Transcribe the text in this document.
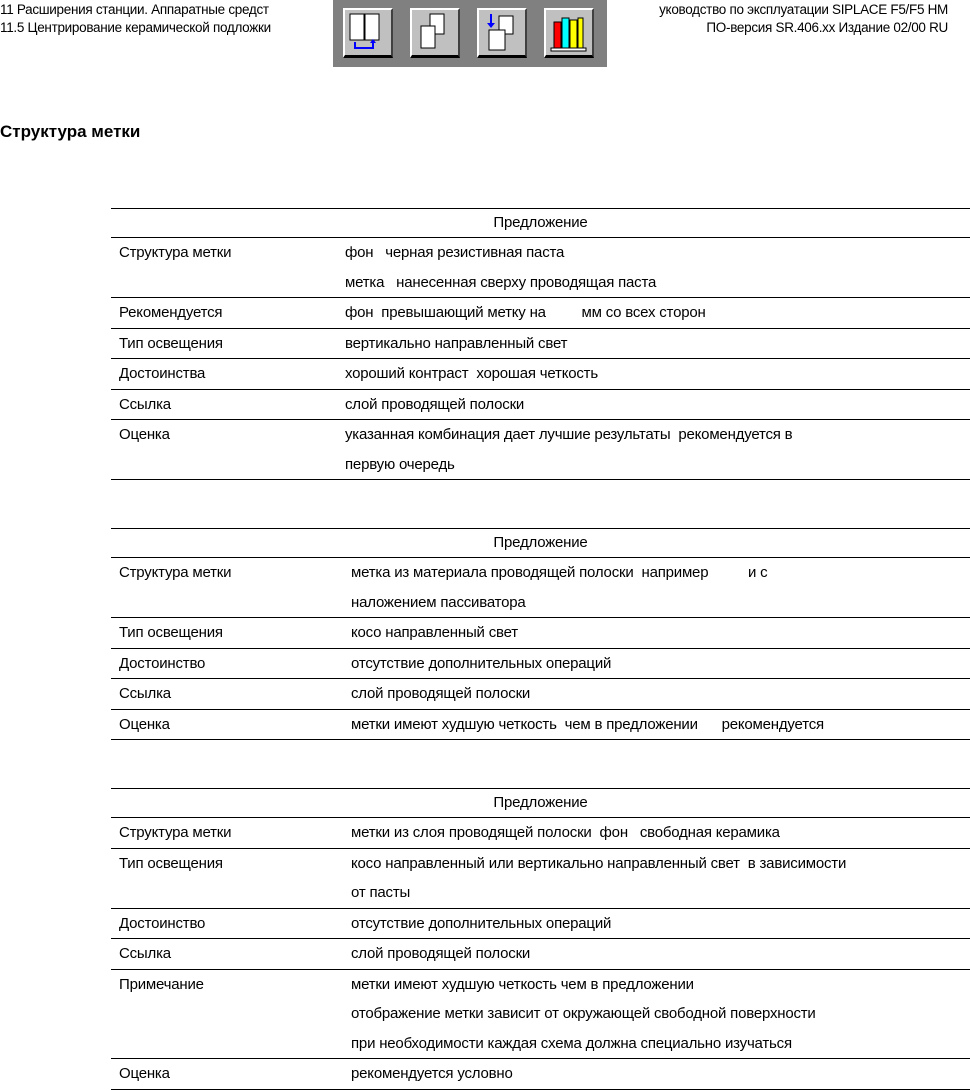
11 Расширения станции. Аппаратные средст	уководство по эксплуатации SIPLACE F5/F5 HM
11.5 Центрирование керамической подложки	ПО-версия SR.406.xx Издание 02/00 RU
Структура метки
Предложение	
Структура метки	фон   черная резистивная паста
метка   нанесенная сверху проводящая паста

Рекомендуется	фон  превышающий метку на         мм со всех сторон

Тип освещения	вертикально направленный свет

Достоинства	хороший контраст  хорошая четкость

Ссылка	слой проводящей полоски

Оценка	указанная комбинация дает лучшие результаты  рекомендуется в
первую очередь
Предложение	
Структура метки	метка из материала проводящей полоски  например          и с
наложением пассиватора

Тип освещения	косо направленный свет

Достоинство	отсутствие дополнительных операций

Ссылка	слой проводящей полоски

Оценка	метки имеют худшую четкость  чем в предложении      рекомендуется
Предложение	
Структура метки	метки из слоя проводящей полоски  фон   свободная керамика

Тип освещения	косо направленный или вертикально направленный свет  в зависимости
от пасты

Достоинство	отсутствие дополнительных операций

Ссылка	слой проводящей полоски

Примечание	метки имеют худшую четкость чем в предложении
отображение метки зависит от окружающей свободной поверхности
при необходимости каждая схема должна специально изучаться

Оценка	рекомендуется условно
